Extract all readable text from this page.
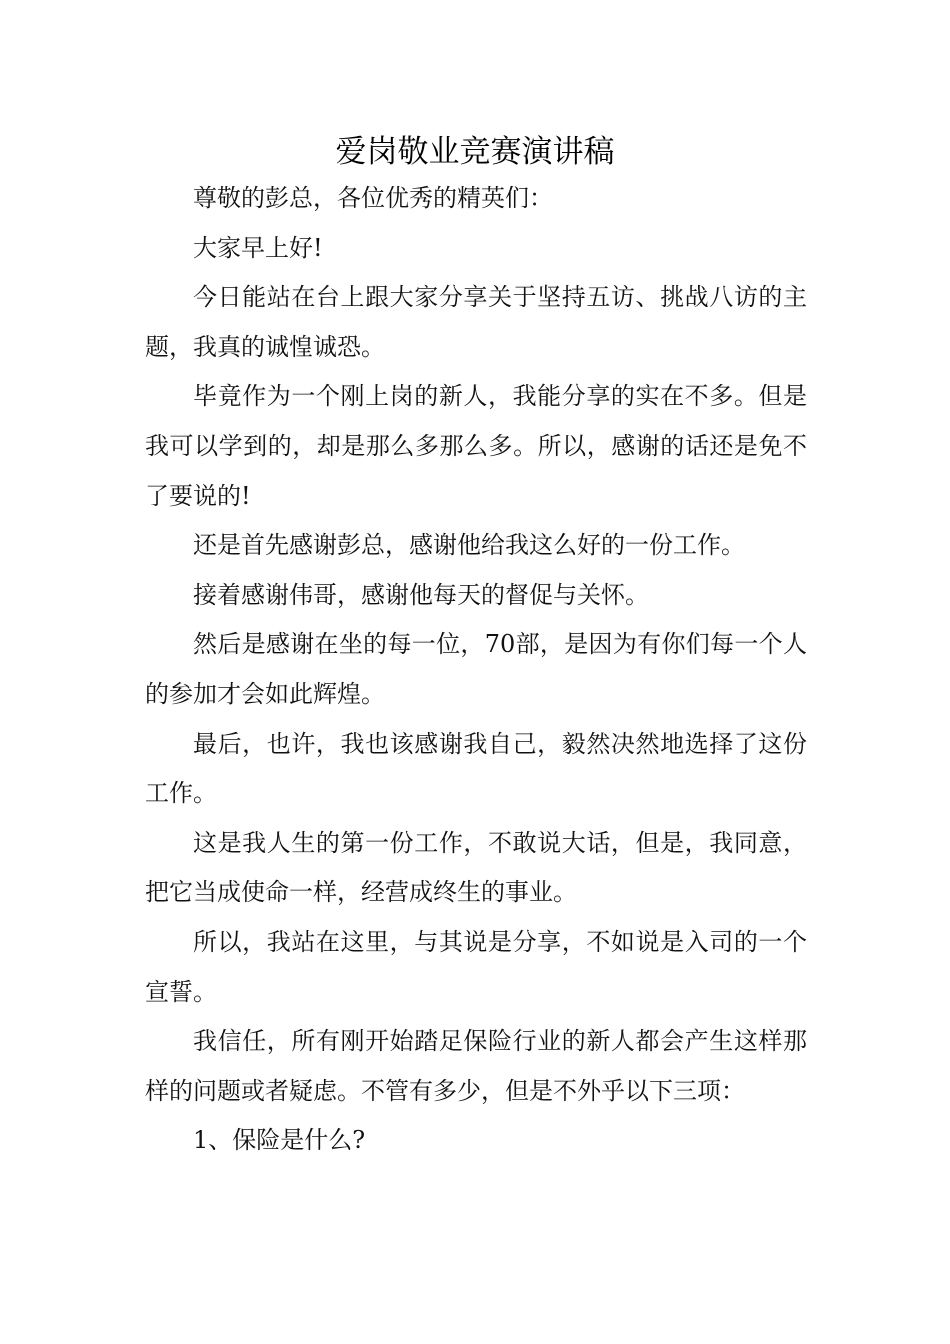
爱岗敬业竞赛演讲稿

尊敬的彭总，各位优秀的精英们：

大家早上好!

今日能站在台上跟大家分享关于坚持五访、挑战八访的主题，我真的诚惶诚恐。

毕竟作为一个刚上岗的新人，我能分享的实在不多。但是我可以学到的，却是那么多那么多。所以，感谢的话还是免不了要说的!

还是首先感谢彭总，感谢他给我这么好的一份工作。

接着感谢伟哥，感谢他每天的督促与关怀。

然后是感谢在坐的每一位，70部，是因为有你们每一个人的参加才会如此辉煌。

最后，也许，我也该感谢我自己，毅然决然地选择了这份工作。

这是我人生的第一份工作，不敢说大话，但是，我同意，把它当成使命一样，经营成终生的事业。

所以，我站在这里，与其说是分享，不如说是入司的一个宣誓。

我信任，所有刚开始踏足保险行业的新人都会产生这样那样的问题或者疑虑。不管有多少，但是不外乎以下三项：

1、保险是什么?
